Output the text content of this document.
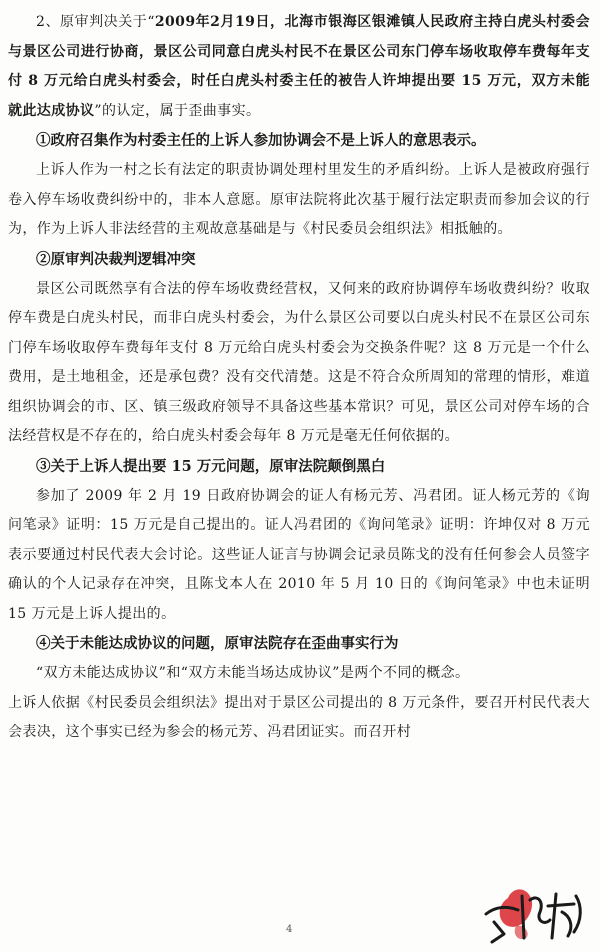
2、原审判决关于“2009年2月19日，北海市银海区银滩镇人民政府主持白虎头村委会与景区公司进行协商，景区公司同意白虎头村民不在景区公司东门停车场收取停车费每年支付 8 万元给白虎头村委会，时任白虎头村委主任的被告人许坤提出要 15 万元，双方未能就此达成协议”的认定，属于歪曲事实。

①政府召集作为村委主任的上诉人参加协调会不是上诉人的意思表示。

上诉人作为一村之长有法定的职责协调处理村里发生的矛盾纠纷。上诉人是被政府强行卷入停车场收费纠纷中的，非本人意愿。原审法院将此次基于履行法定职责而参加会议的行为，作为上诉人非法经营的主观故意基础是与《村民委员会组织法》相抵触的。

②原审判决裁判逻辑冲突

景区公司既然享有合法的停车场收费经营权，又何来的政府协调停车场收费纠纷？收取停车费是白虎头村民，而非白虎头村委会，为什么景区公司要以白虎头村民不在景区公司东门停车场收取停车费每年支付 8 万元给白虎头村委会为交换条件呢？这 8 万元是一个什么费用，是土地租金，还是承包费？没有交代清楚。这是不符合众所周知的常理的情形，难道组织协调会的市、区、镇三级政府领导不具备这些基本常识？可见，景区公司对停车场的合法经营权是不存在的，给白虎头村委会每年 8 万元是毫无任何依据的。

③关于上诉人提出要 15 万元问题，原审法院颠倒黑白

参加了 2009 年 2 月 19 日政府协调会的证人有杨元芳、冯君团。证人杨元芳的《询问笔录》证明：15 万元是自己提出的。证人冯君团的《询问笔录》证明：许坤仅对 8 万元表示要通过村民代表大会讨论。这些证人证言与协调会记录员陈戈的没有任何参会人员签字确认的个人记录存在冲突，且陈戈本人在 2010 年 5 月 10 日的《询问笔录》中也未证明 15 万元是上诉人提出的。

④关于未能达成协议的问题，原审法院存在歪曲事实行为

“双方未能达成协议”和“双方未能当场达成协议”是两个不同的概念。

上诉人依据《村民委员会组织法》提出对于景区公司提出的 8 万元条件，要召开村民代表大会表决，这个事实已经为参会的杨元芳、冯君团证实。而召开村

4
